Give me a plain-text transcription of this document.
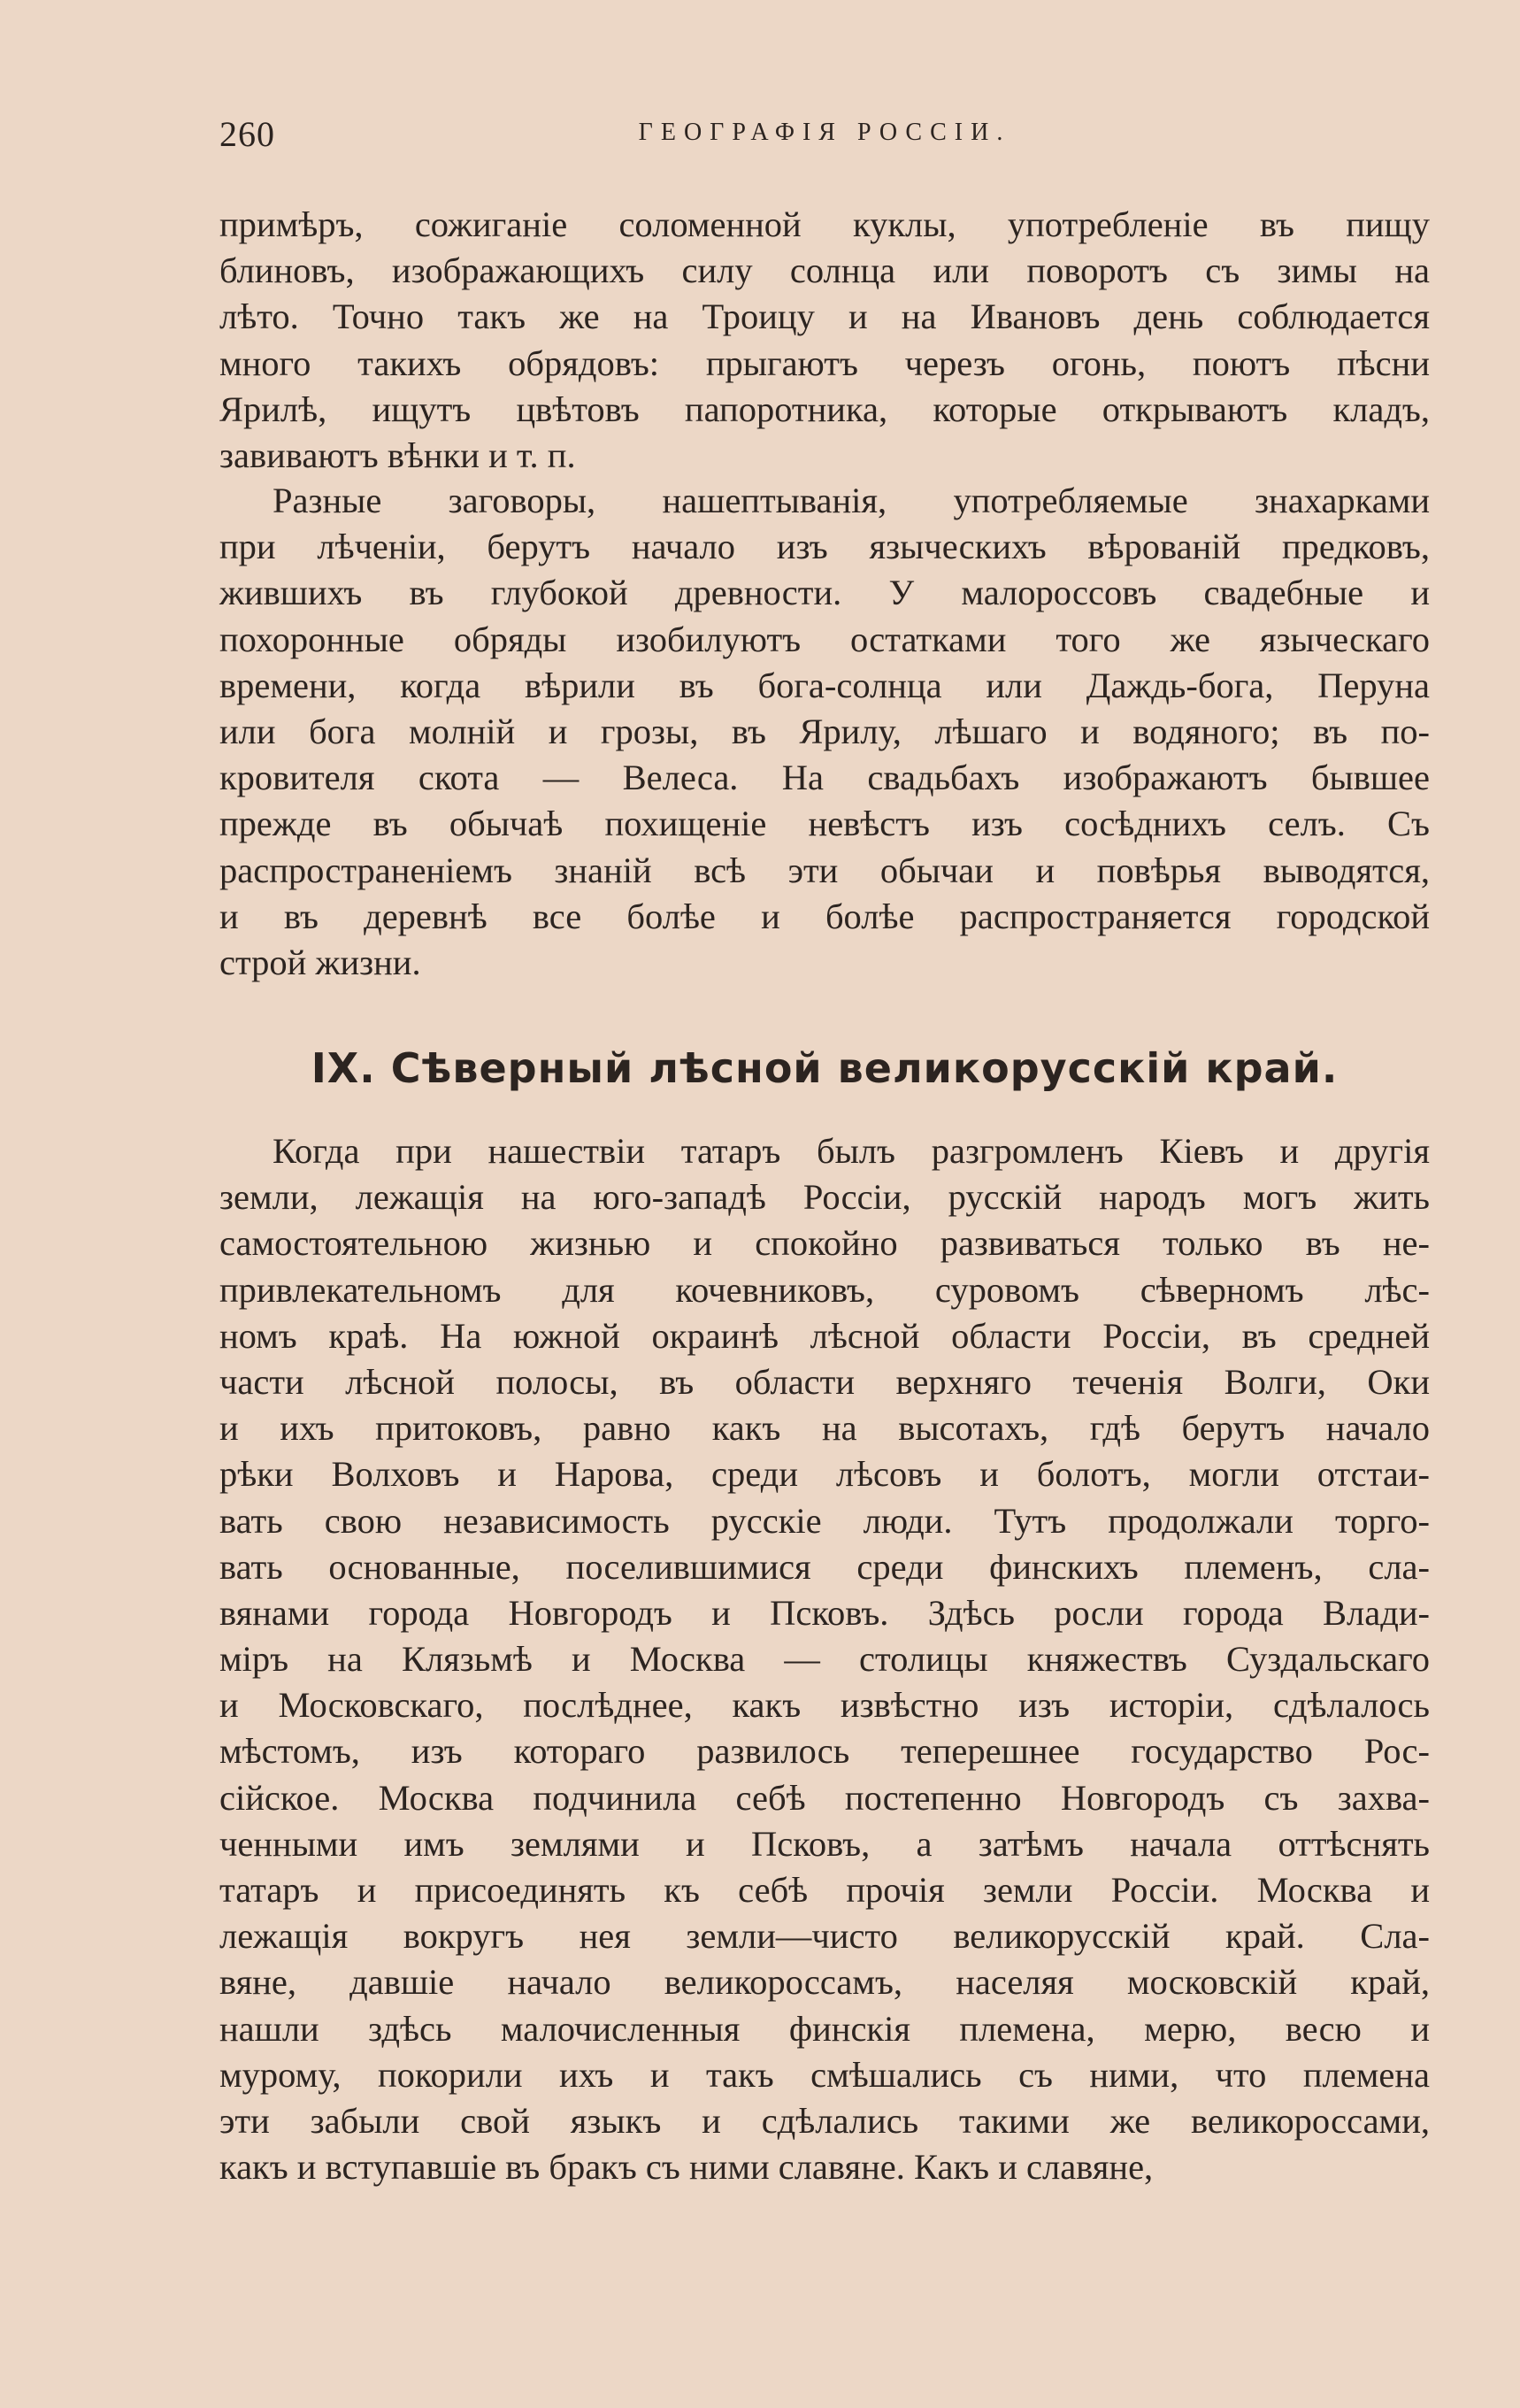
260	ГЕОГРАФІЯ РОССІИ.
примѣръ, сожиганіе соломенной куклы, употребленіе въ пищу
блиновъ, изображающихъ силу солнца или поворотъ съ зимы на
лѣто. Точно такъ же на Троицу и на Ивановъ день соблюдается
много такихъ обрядовъ: прыгаютъ черезъ огонь, поютъ пѣсни
Ярилѣ, ищутъ цвѣтовъ папоротника, которые открываютъ кладъ,
завиваютъ вѣнки и т. п.
Разные заговоры, нашептыванія, употребляемые знахарками
при лѣченіи, берутъ начало изъ языческихъ вѣрованій предковъ,
жившихъ въ глубокой древности. У малороссовъ свадебные и
похоронные обряды изобилуютъ остатками того же языческаго
времени, когда вѣрили въ бога-солнца или Даждь-бога, Перуна
или бога молній и грозы, въ Ярилу, лѣшаго и водяного; въ по-
кровителя скота — Велеса. На свадьбахъ изображаютъ бывшее
прежде въ обычаѣ похищеніе невѣстъ изъ сосѣднихъ селъ. Съ
распространеніемъ знаній всѣ эти обычаи и повѣрья выводятся,
и въ деревнѣ все болѣе и болѣе распространяется городской
строй жизни.
IX. Сѣверный лѣсной великорусскій край.
Когда при нашествіи татаръ былъ разгромленъ Кіевъ и другія
земли, лежащія на юго-западѣ Россіи, русскій народъ могъ жить
самостоятельною жизнью и спокойно развиваться только въ не-
привлекательномъ для кочевниковъ, суровомъ сѣверномъ лѣс-
номъ краѣ. На южной окраинѣ лѣсной области Россіи, въ средней
части лѣсной полосы, въ области верхняго теченія Волги, Оки
и ихъ притоковъ, равно какъ на высотахъ, гдѣ берутъ начало
рѣки Волховъ и Нарова, среди лѣсовъ и болотъ, могли отстаи-
вать свою независимость русскіе люди. Тутъ продолжали торго-
вать основанные, поселившимися среди финскихъ племенъ, сла-
вянами города Новгородъ и Псковъ. Здѣсь росли города Влади-
міръ на Клязьмѣ и Москва — столицы княжествъ Суздальскаго
и Московскаго, послѣднее, какъ извѣстно изъ исторіи, сдѣлалось
мѣстомъ, изъ котораго развилось теперешнее государство Рос-
сійское. Москва подчинила себѣ постепенно Новгородъ съ захва-
ченными имъ землями и Псковъ, а затѣмъ начала оттѣснять
татаръ и присоединять къ себѣ прочія земли Россіи. Москва и
лежащія вокругъ нея земли—чисто великорусскій край. Сла-
вяне, давшіе начало великороссамъ, населяя московскій край,
нашли здѣсь малочисленныя финскія племена, мерю, весю и
мурому, покорили ихъ и такъ смѣшались съ ними, что племена
эти забыли свой языкъ и сдѣлались такими же великороссами,
какъ и вступавшіе въ бракъ съ ними славяне. Какъ и славяне,
